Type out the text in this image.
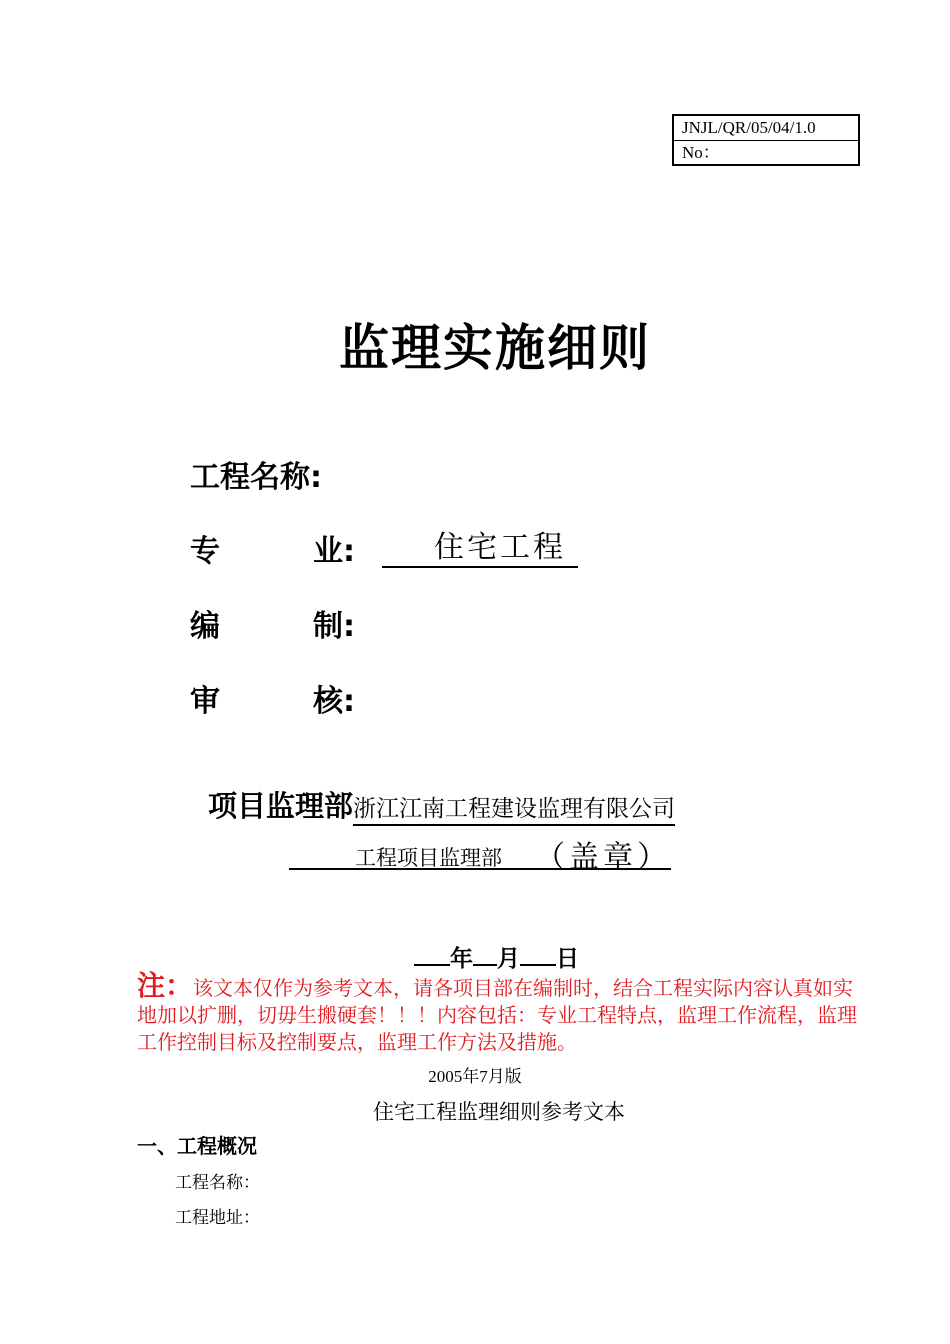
JNJL/QR/05/04/1.0
No：
监理实施细则
工程名称:
专	业:	住宅工程
编	制:
审	核:
项目监理部浙江江南工程建设监理有限公司
工程项目监理部 （盖章）
年 月 日
注：该文本仅作为参考文本，请各项目部在编制时，结合工程实际内容认真如实地加以扩删，切毋生搬硬套！！！内容包括：专业工程特点，监理工作流程，监理工作控制目标及控制要点，监理工作方法及措施。
2005年7月版
住宅工程监理细则参考文本
一、工程概况
工程名称：
工程地址：
